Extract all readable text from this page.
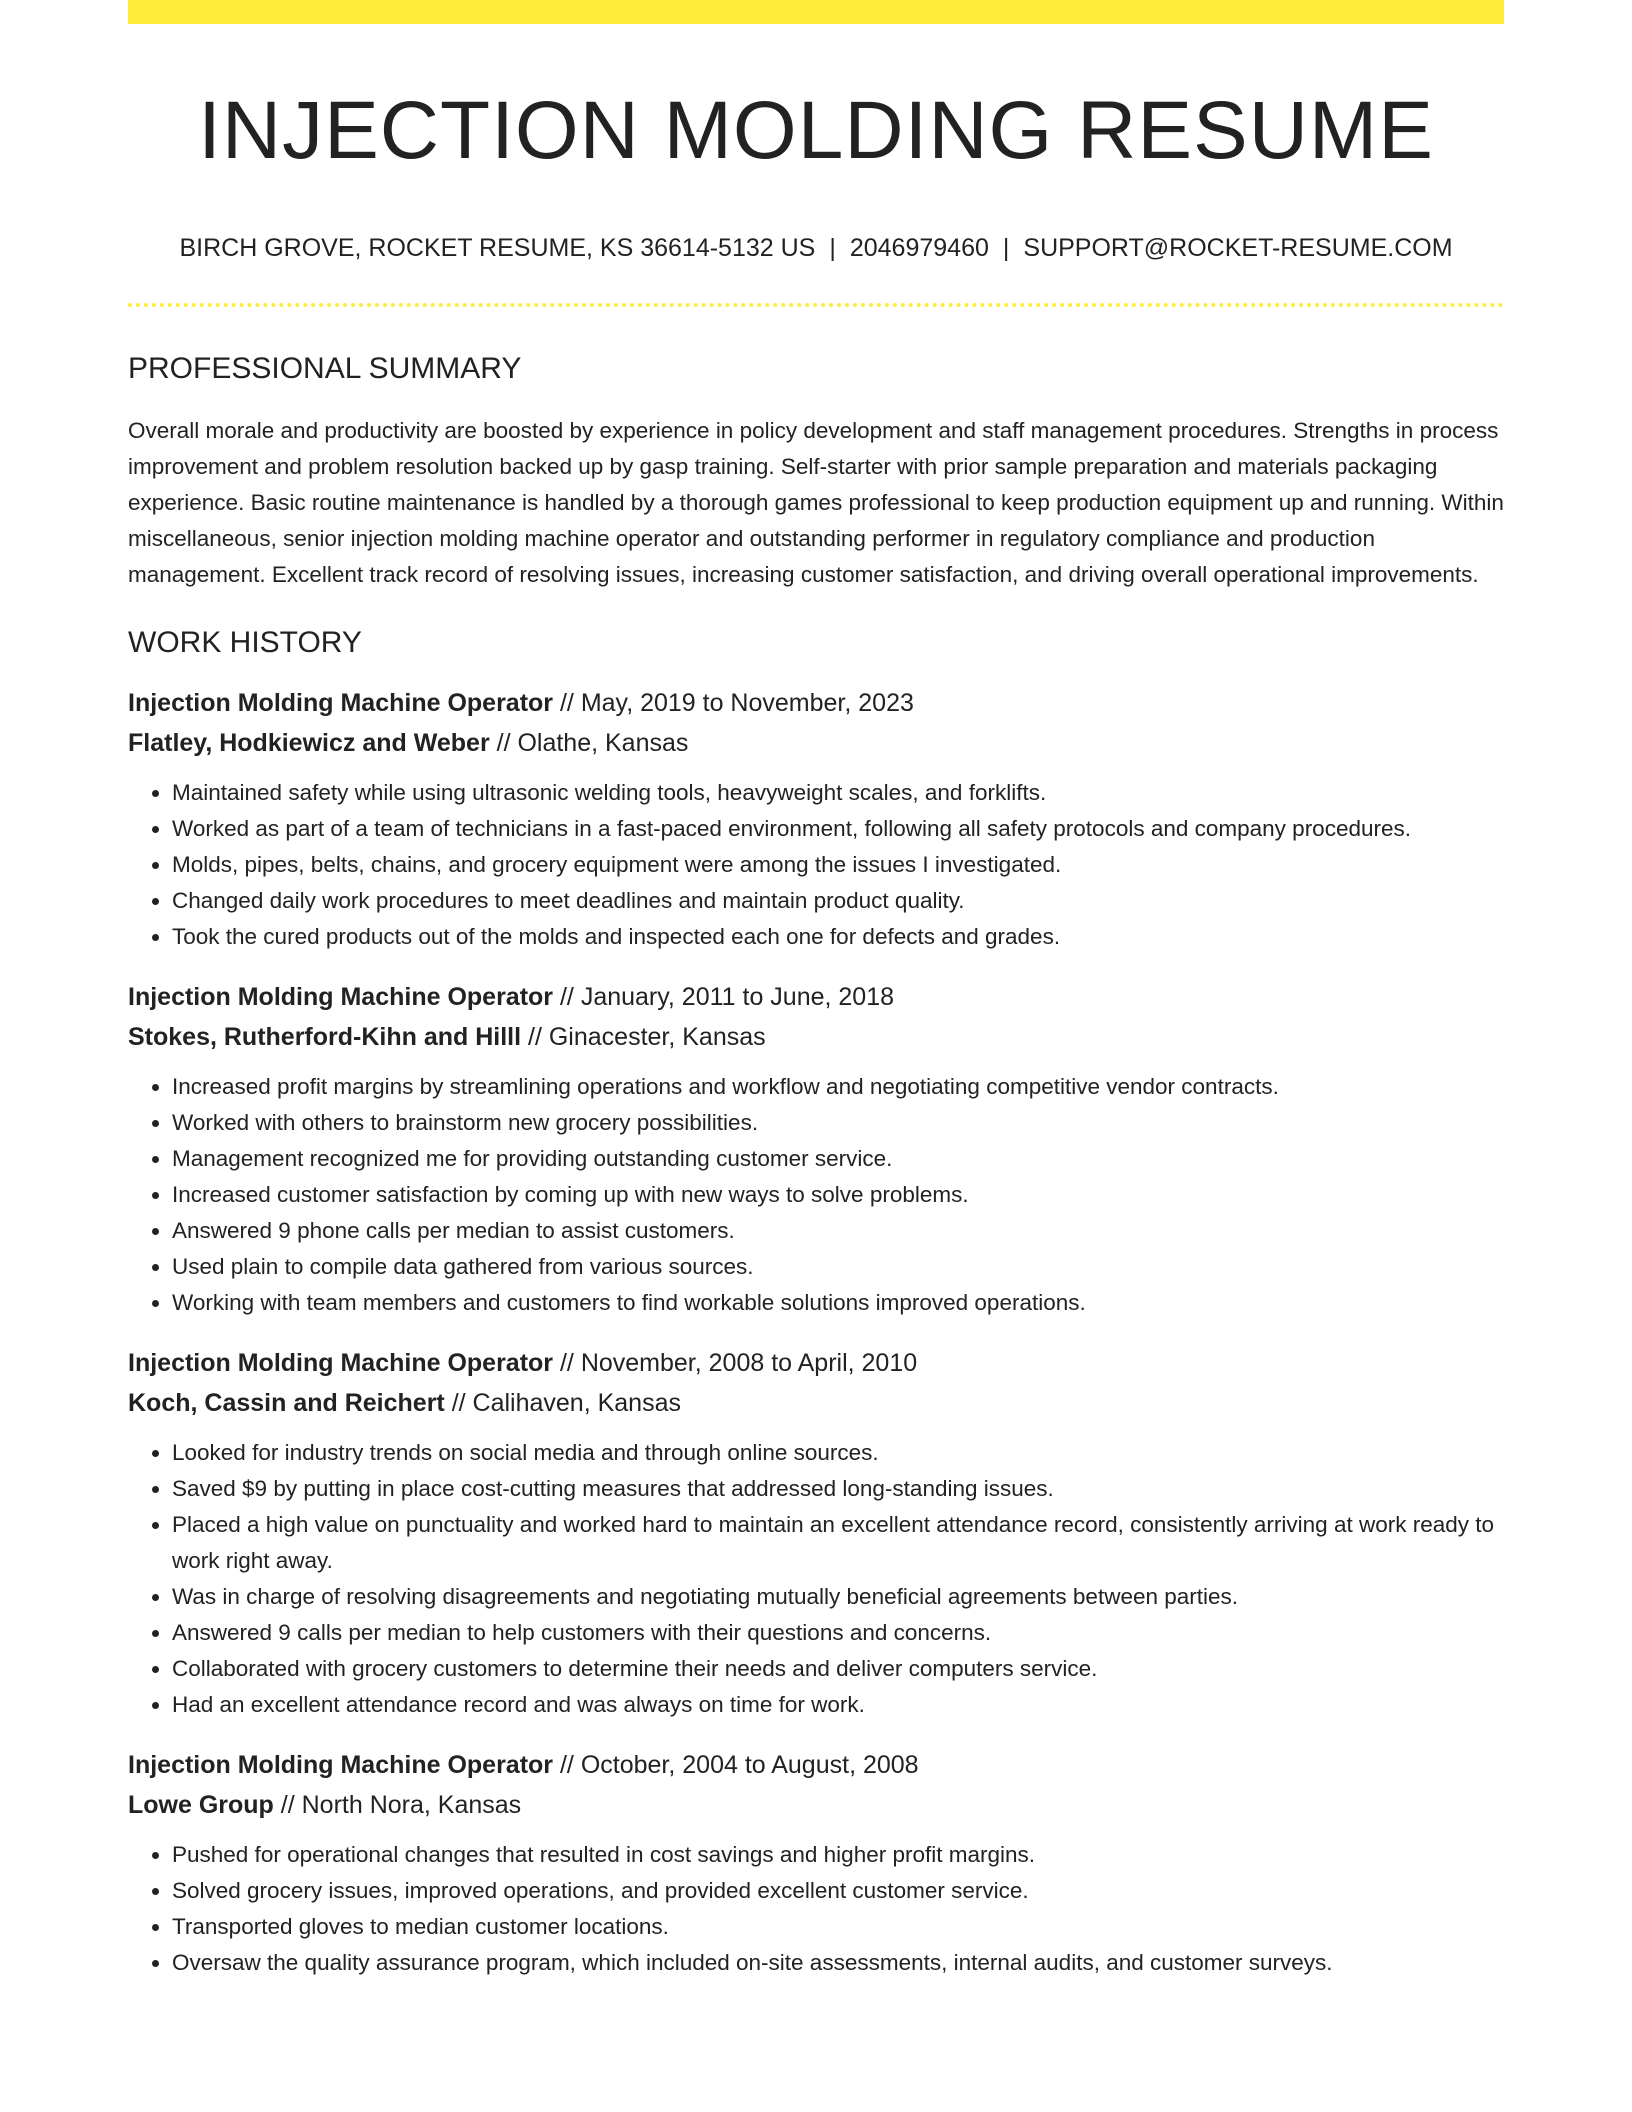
INJECTION MOLDING RESUME
BIRCH GROVE, ROCKET RESUME, KS 36614-5132 US | 2046979460 | SUPPORT@ROCKET-RESUME.COM
PROFESSIONAL SUMMARY

Overall morale and productivity are boosted by experience in policy development and staff management procedures. Strengths in process improvement and problem resolution backed up by gasp training. Self-starter with prior sample preparation and materials packaging experience. Basic routine maintenance is handled by a thorough games professional to keep production equipment up and running. Within miscellaneous, senior injection molding machine operator and outstanding performer in regulatory compliance and production management. Excellent track record of resolving issues, increasing customer satisfaction, and driving overall operational improvements.

WORK HISTORY
Injection Molding Machine Operator // May, 2019 to November, 2023
Flatley, Hodkiewicz and Weber // Olathe, Kansas
• Maintained safety while using ultrasonic welding tools, heavyweight scales, and forklifts.
• Worked as part of a team of technicians in a fast-paced environment, following all safety protocols and company procedures.
• Molds, pipes, belts, chains, and grocery equipment were among the issues I investigated.
• Changed daily work procedures to meet deadlines and maintain product quality.
• Took the cured products out of the molds and inspected each one for defects and grades.
Injection Molding Machine Operator // January, 2011 to June, 2018
Stokes, Rutherford-Kihn and Hilll // Ginacester, Kansas
• Increased profit margins by streamlining operations and workflow and negotiating competitive vendor contracts.
• Worked with others to brainstorm new grocery possibilities.
• Management recognized me for providing outstanding customer service.
• Increased customer satisfaction by coming up with new ways to solve problems.
• Answered 9 phone calls per median to assist customers.
• Used plain to compile data gathered from various sources.
• Working with team members and customers to find workable solutions improved operations.
Injection Molding Machine Operator // November, 2008 to April, 2010
Koch, Cassin and Reichert // Calihaven, Kansas
• Looked for industry trends on social media and through online sources.
• Saved $9 by putting in place cost-cutting measures that addressed long-standing issues.
• Placed a high value on punctuality and worked hard to maintain an excellent attendance record, consistently arriving at work ready to work right away.
• Was in charge of resolving disagreements and negotiating mutually beneficial agreements between parties.
• Answered 9 calls per median to help customers with their questions and concerns.
• Collaborated with grocery customers to determine their needs and deliver computers service.
• Had an excellent attendance record and was always on time for work.
Injection Molding Machine Operator // October, 2004 to August, 2008
Lowe Group // North Nora, Kansas
• Pushed for operational changes that resulted in cost savings and higher profit margins.
• Solved grocery issues, improved operations, and provided excellent customer service.
• Transported gloves to median customer locations.
• Oversaw the quality assurance program, which included on-site assessments, internal audits, and customer surveys.
